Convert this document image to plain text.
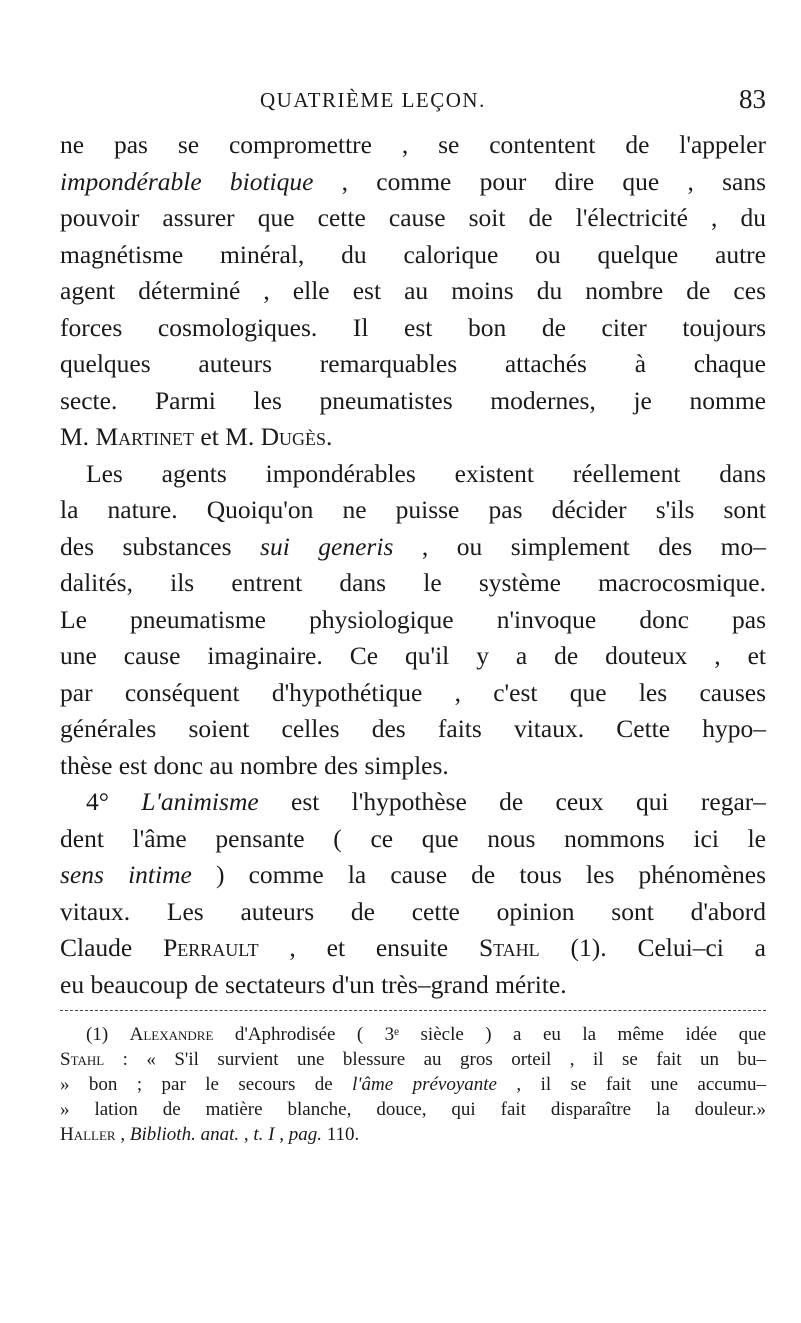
QUATRIÈME LEÇON.	83
ne pas se compromettre , se contentent de l'appeler
impondérable biotique , comme pour dire que , sans
pouvoir assurer que cette cause soit de l'électricité , du
magnétisme minéral, du calorique ou quelque autre
agent déterminé , elle est au moins du nombre de ces
forces cosmologiques. Il est bon de citer toujours
quelques auteurs remarquables attachés à chaque
secte. Parmi les pneumatistes modernes, je nomme
M. Martinet et M. Dugès.
Les agents impondérables existent réellement dans
la nature. Quoiqu'on ne puisse pas décider s'ils sont
des substances sui generis , ou simplement des mo–
dalités, ils entrent dans le système macrocosmique.
Le pneumatisme physiologique n'invoque donc pas
une cause imaginaire. Ce qu'il y a de douteux , et
par conséquent d'hypothétique , c'est que les causes
générales soient celles des faits vitaux. Cette hypo–
thèse est donc au nombre des simples.
4° L'animisme est l'hypothèse de ceux qui regar–
dent l'âme pensante ( ce que nous nommons ici le
sens intime ) comme la cause de tous les phénomènes
vitaux. Les auteurs de cette opinion sont d'abord
Claude Perrault , et ensuite Stahl (1). Celui–ci a
eu beaucoup de sectateurs d'un très–grand mérite.
(1) Alexandre d'Aphrodisée ( 3ᵉ siècle ) a eu la même idée que
Stahl : « S'il survient une blessure au gros orteil , il se fait un bu–
» bon ; par le secours de l'âme prévoyante , il se fait une accumu–
» lation de matière blanche, douce, qui fait disparaître la douleur.»
Haller , Biblioth. anat. , t. I , pag. 110.
